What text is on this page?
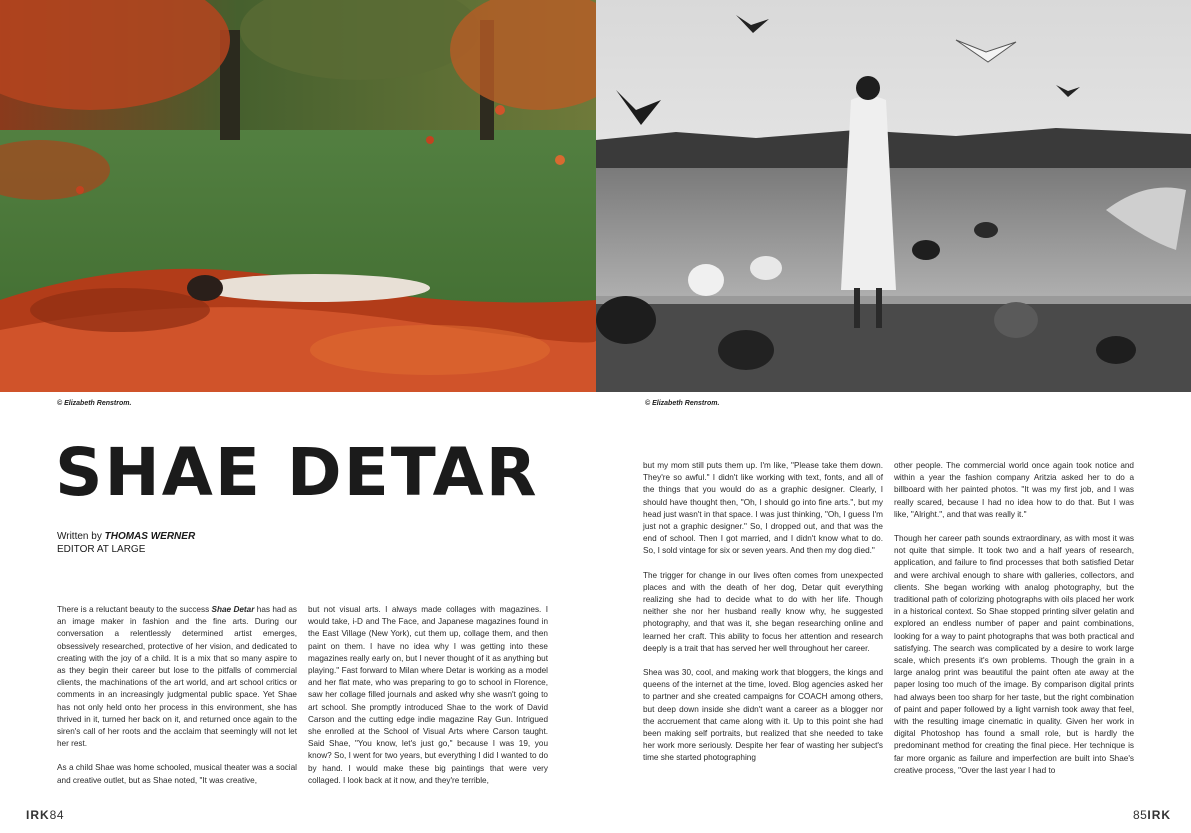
© Elizabeth Renstrom.	© Elizabeth Renstrom.
SHAE DETAR
Written by THOMAS WERNER
EDITOR AT LARGE

There is a reluctant beauty to the success Shae Detar has had as an image maker in fashion and the fine arts. During our conversation a relentlessly determined artist emerges, obsessively researched, protective of her vision, and dedicated to creating with the joy of a child. It is a mix that so many aspire to as they begin their career but lose to the pitfalls of commercial clients, the machinations of the art world, and art school critics or comments in an increasingly judgmental public space. Yet Shae has not only held onto her process in this environment, she has thrived in it, turned her back on it, and returned once again to the siren's call of her roots and the acclaim that seemingly will not let her rest.

As a child Shae was home schooled, musical theater was a social and creative outlet, but as Shae noted, "It was creative,

but not visual arts. I always made collages with magazines. I would take, i-D and The Face, and Japanese magazines found in the East Village (New York), cut them up, collage them, and then paint on them. I have no idea why I was getting into these magazines really early on, but I never thought of it as anything but playing." Fast forward to Milan where Detar is working as a model and her flat mate, who was preparing to go to school in Florence, saw her collage filled journals and asked why she wasn't going to art school. She promptly introduced Shae to the work of David Carson and the cutting edge indie magazine Ray Gun. Intrigued she enrolled at the School of Visual Arts where Carson taught. Said Shae, "You know, let's just go," because I was 19, you know? So, I went for two years, but everything I did I wanted to do by hand. I would make these big paintings that were very collaged. I look back at it now, and they're terrible,

but my mom still puts them up. I'm like, "Please take them down. They're so awful." I didn't like working with text, fonts, and all of the things that you would do as a graphic designer. Clearly, I should have thought then, "Oh, I should go into fine arts.", but my head just wasn't in that space. I was just thinking, "Oh, I guess I'm just not a graphic designer." So, I dropped out, and that was the end of school. Then I got married, and I didn't know what to do. So, I sold vintage for six or seven years. And then my dog died."

The trigger for change in our lives often comes from unexpected places and with the death of her dog, Detar quit everything realizing she had to decide what to do with her life. Though neither she nor her husband really know why, he suggested photography, and that was it, she began researching online and learned her craft. This ability to focus her attention and research deeply is a trait that has served her well throughout her career.

Shea was 30, cool, and making work that bloggers, the kings and queens of the internet at the time, loved. Blog agencies asked her to partner and she created campaigns for COACH among others, but deep down inside she didn't want a career as a blogger nor the accruement that came along with it. Up to this point she had been making self portraits, but realized that she needed to take her work more seriously. Despite her fear of wasting her subject's time she started photographing

other people. The commercial world once again took notice and within a year the fashion company Aritzia asked her to do a billboard with her painted photos. "It was my first job, and I was really scared, because I had no idea how to do that. But I was like, "Alright.", and that was really it."

Though her career path sounds extraordinary, as with most it was not quite that simple. It took two and a half years of research, application, and failure to find processes that both satisfied Detar and were archival enough to share with galleries, collectors, and clients. She began working with analog photography, but the traditional path of colorizing photographs with oils placed her work in a historical context. So Shae stopped printing silver gelatin and explored an endless number of paper and paint combinations, looking for a way to paint photographs that was both practical and satisfying. The search was complicated by a desire to work large scale, which presents it's own problems. Though the grain in a large analog print was beautiful the paint often ate away at the paper losing too much of the image. By comparison digital prints had always been too sharp for her taste, but the right combination of paint and paper followed by a light varnish took away that feel, with the resulting image cinematic in quality. Given her work in digital Photoshop has found a small role, but is hardly the predominant method for creating the final piece. Her technique is far more organic as failure and imperfection are built into Shae's creative process, "Over the last year I had to

IRK84	85IRK
